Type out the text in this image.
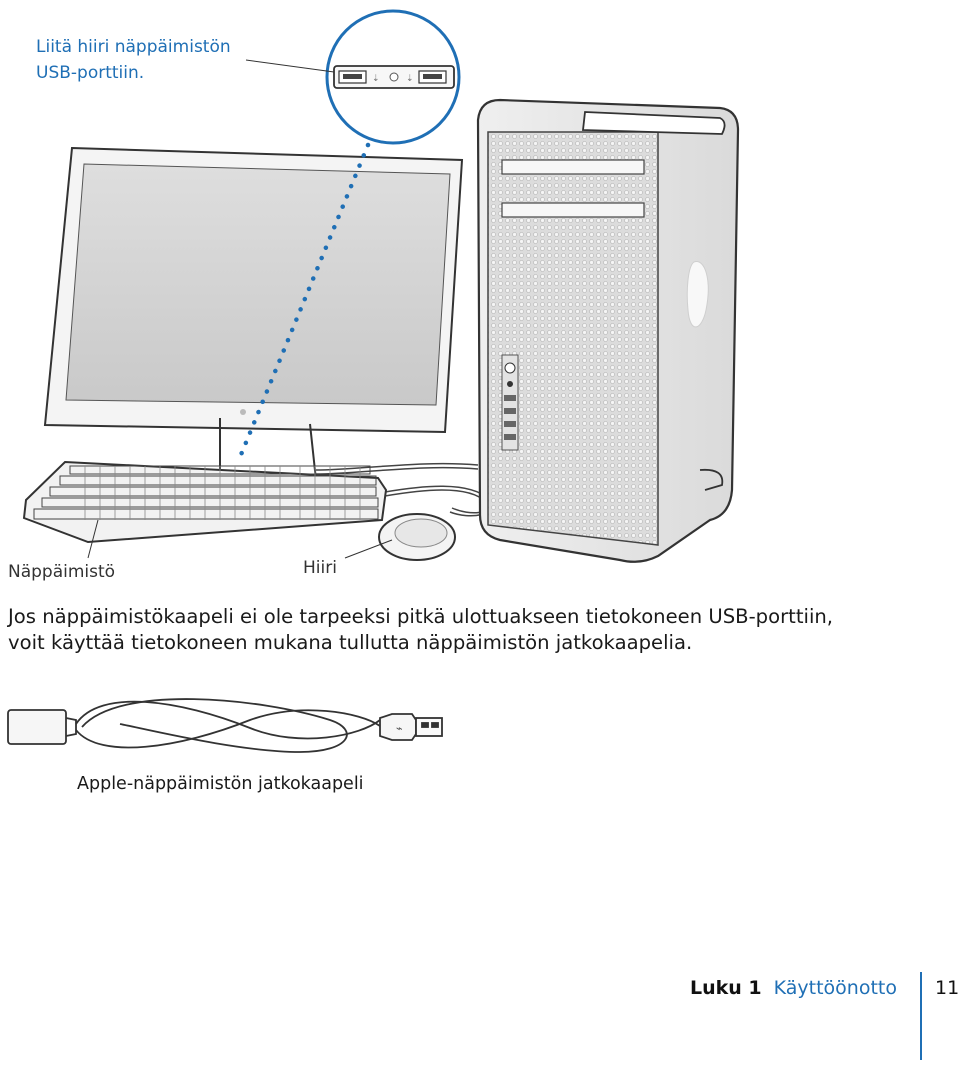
⇣	⇣
Liitä hiiri näppäimistön
USB-porttiin.
Näppäimistö	Hiiri
Jos näppäimistökaapeli ei ole tarpeeksi pitkä ulottuakseen tietokoneen USB-porttiin,
voit käyttää tietokoneen mukana tullutta näppäimistön jatkokaapelia.
⌁
Apple-näppäimistön jatkokaapeli
Luku 1 Käyttöönotto 11
